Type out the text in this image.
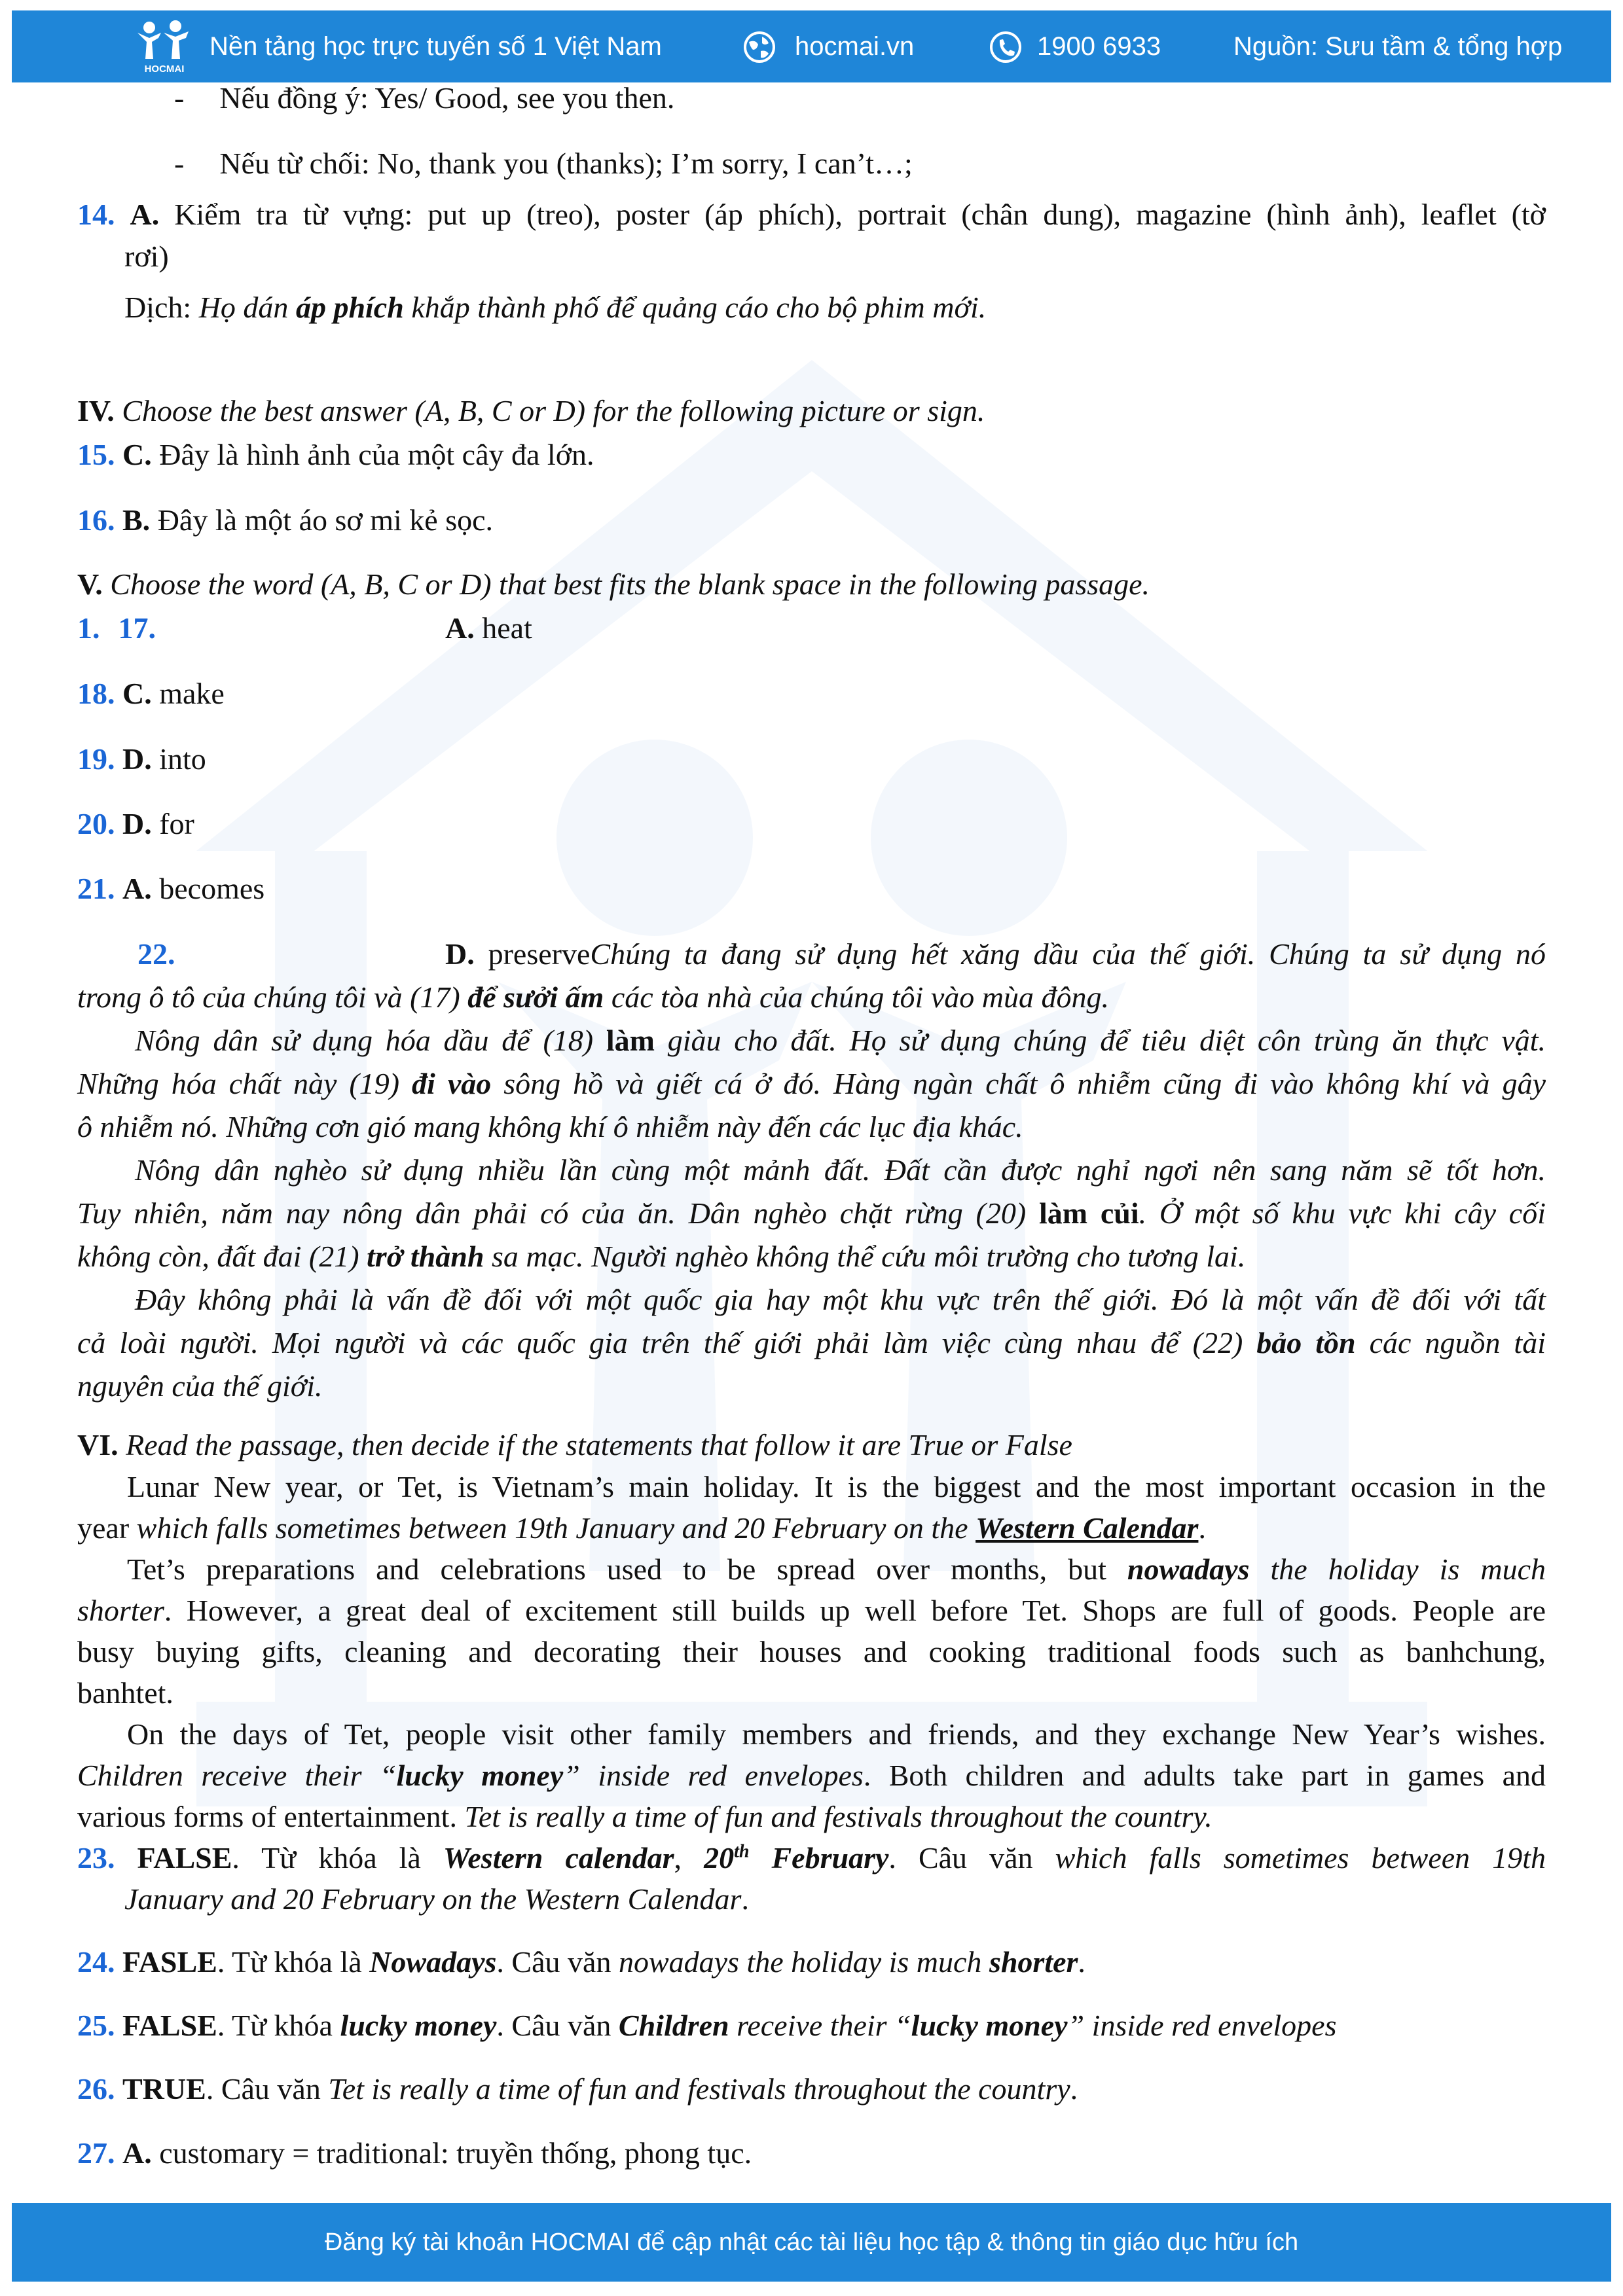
HOCMAI
Nền tảng học trực tuyến số 1 Việt Nam	hocmai.vn	1900 6933	Nguồn: Sưu tầm & tổng hợp
- Nếu đồng ý: Yes/ Good, see you then.
- Nếu từ chối: No, thank you (thanks); I’m sorry, I can’t…;
14. A. Kiểm tra từ vựng: put up (treo), poster (áp phích), portrait (chân dung), magazine (hình ảnh), leaflet (tờ
rơi)
Dịch: Họ dán áp phích khắp thành phố để quảng cáo cho bộ phim mới.
IV. Choose the best answer (A, B, C or D) for the following picture or sign.
15. C. Đây là hình ảnh của một cây đa lớn.
16. B. Đây là một áo sơ mi kẻ sọc.
V. Choose the word (A, B, C or D) that best fits the blank space in the following passage.
1. 17.	A. heat
18. C. make
19. D. into
20. D. for
21. A. becomes
22.	D. preserveChúng ta đang sử dụng hết xăng dầu của thế giới. Chúng ta sử dụng nó
trong ô tô của chúng tôi và (17) để sưởi ấm các tòa nhà của chúng tôi vào mùa đông.
Nông dân sử dụng hóa dầu để (18) làm giàu cho đất. Họ sử dụng chúng để tiêu diệt côn trùng ăn thực vật.
Những hóa chất này (19) đi vào sông hồ và giết cá ở đó. Hàng ngàn chất ô nhiễm cũng đi vào không khí và gây
ô nhiễm nó. Những cơn gió mang không khí ô nhiễm này đến các lục địa khác.
Nông dân nghèo sử dụng nhiều lần cùng một mảnh đất. Đất cần được nghỉ ngơi nên sang năm sẽ tốt hơn.
Tuy nhiên, năm nay nông dân phải có của ăn. Dân nghèo chặt rừng (20) làm củi. Ở một số khu vực khi cây cối
không còn, đất đai (21) trở thành sa mạc. Người nghèo không thể cứu môi trường cho tương lai.
Đây không phải là vấn đề đối với một quốc gia hay một khu vực trên thế giới. Đó là một vấn đề đối với tất
cả loài người. Mọi người và các quốc gia trên thế giới phải làm việc cùng nhau để (22) bảo tồn các nguồn tài
nguyên của thế giới.
VI. Read the passage, then decide if the statements that follow it are True or False
Lunar New year, or Tet, is Vietnam’s main holiday. It is the biggest and the most important occasion in the
year which falls sometimes between 19th January and 20 February on the Western Calendar.
Tet’s preparations and celebrations used to be spread over months, but nowadays the holiday is much
shorter. However, a great deal of excitement still builds up well before Tet. Shops are full of goods. People are
busy buying gifts, cleaning and decorating their houses and cooking traditional foods such as banhchung,
banhtet.
On the days of Tet, people visit other family members and friends, and they exchange New Year’s wishes.
Children receive their “lucky money” inside red envelopes. Both children and adults take part in games and
various forms of entertainment. Tet is really a time of fun and festivals throughout the country.
23. FALSE. Từ khóa là Western calendar, 20th February. Câu văn which falls sometimes between 19th
January and 20 February on the Western Calendar.
24. FASLE. Từ khóa là Nowadays. Câu văn nowadays the holiday is much shorter.
25. FALSE. Từ khóa lucky money. Câu văn Children receive their “lucky money” inside red envelopes
26. TRUE. Câu văn Tet is really a time of fun and festivals throughout the country.
27. A. customary = traditional: truyền thống, phong tục.
Đăng ký tài khoản HOCMAI để cập nhật các tài liệu học tập & thông tin giáo dục hữu ích
